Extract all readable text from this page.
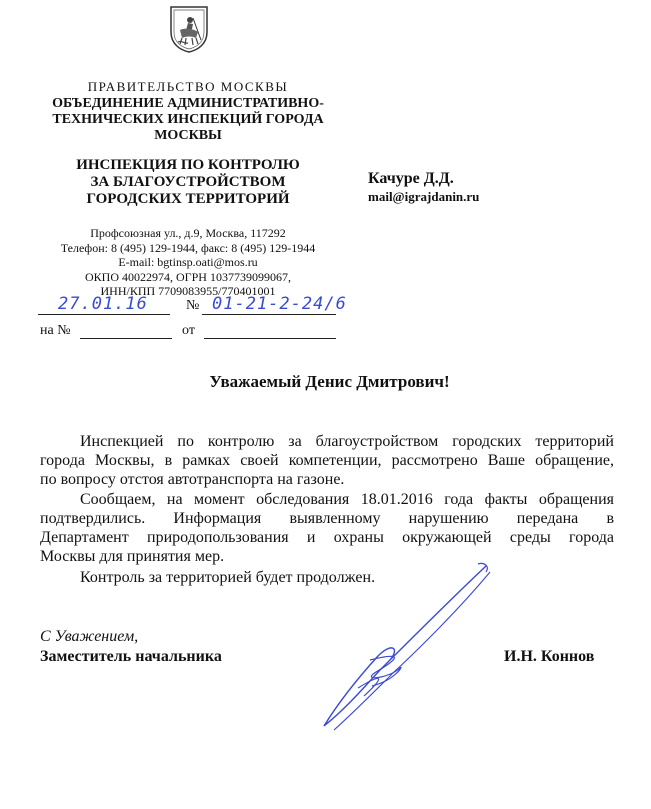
ПРАВИТЕЛЬСТВО МОСКВЫ
ОБЪЕДИНЕНИЕ АДМИНИСТРАТИВНО-
ТЕХНИЧЕСКИХ ИНСПЕКЦИЙ ГОРОДА
МОСКВЫ
ИНСПЕКЦИЯ ПО КОНТРОЛЮ
ЗА БЛАГОУСТРОЙСТВОМ
ГОРОДСКИХ ТЕРРИТОРИЙ
Профсоюзная ул., д.9, Москва, 117292
Телефон: 8 (495) 129-1944, факс: 8 (495) 129-1944
E-mail: bgtinsp.oati@mos.ru
ОКПО 40022974, ОГРН 1037739099067,
ИНН/КПП 7709083955/770401001
Качуре Д.Д.
mail@igrajdanin.ru
27.01.16	№ 01-21-2-24/6
на №	от
Уважаемый Денис Дмитрович!
Инспекцией по контролю за благоустройством городских территорий
города Москвы, в рамках своей компетенции, рассмотрено Ваше обращение,
по вопросу отстоя автотранспорта на газоне.
Сообщаем, на момент обследования 18.01.2016 года факты обращения
подтвердились. Информация выявленному нарушению передана в
Департамент природопользования и охраны окружающей среды города
Москвы для принятия мер.
Контроль за территорией будет продолжен.
С Уважением,
Заместитель начальника	И.Н. Коннов
